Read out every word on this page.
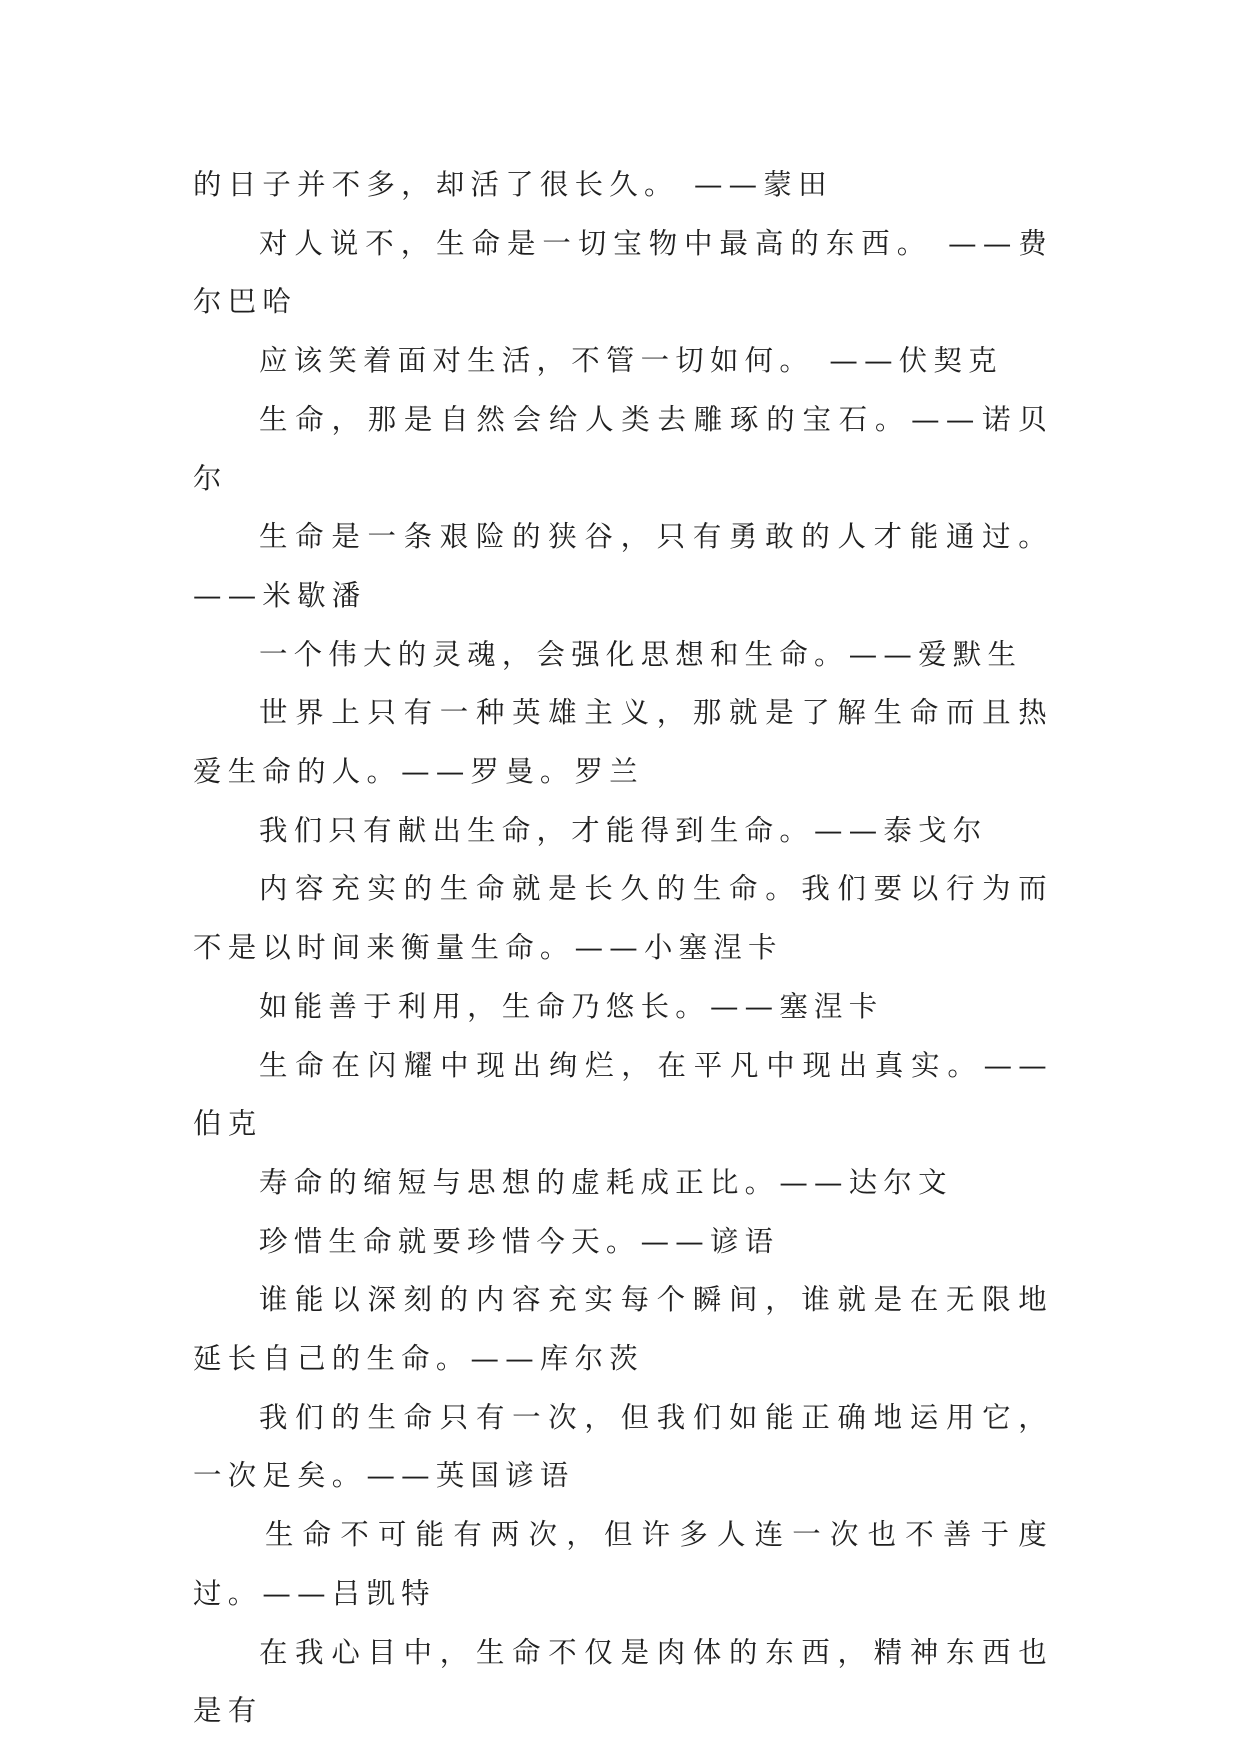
的日子并不多，却活了很长久。 ——蒙田

对人说不，生命是一切宝物中最高的东西。 ——费尔巴哈

应该笑着面对生活，不管一切如何。 ——伏契克

生命，那是自然会给人类去雕琢的宝石。——诺贝尔

生命是一条艰险的狭谷，只有勇敢的人才能通过。——米歇潘

一个伟大的灵魂，会强化思想和生命。——爱默生

世界上只有一种英雄主义，那就是了解生命而且热爱生命的人。——罗曼。罗兰

我们只有献出生命，才能得到生命。——泰戈尔

内容充实的生命就是长久的生命。我们要以行为而不是以时间来衡量生命。——小塞涅卡

如能善于利用，生命乃悠长。——塞涅卡

生命在闪耀中现出绚烂，在平凡中现出真实。——伯克

寿命的缩短与思想的虚耗成正比。——达尔文

珍惜生命就要珍惜今天。——谚语

谁能以深刻的内容充实每个瞬间，谁就是在无限地延长自己的生命。——库尔茨

我们的生命只有一次，但我们如能正确地运用它，一次足矣。——英国谚语

生命不可能有两次，但许多人连一次也不善于度过。——吕凯特

在我心目中，生命不仅是肉体的东西，精神东西也是有
